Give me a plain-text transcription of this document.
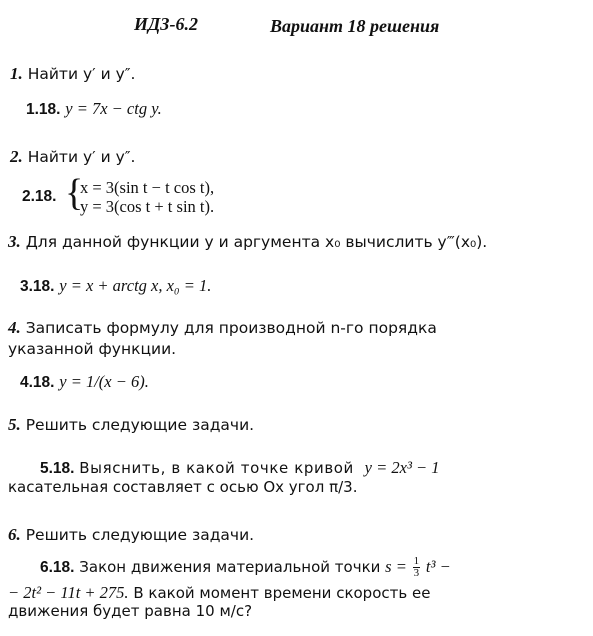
ИДЗ-6.2	Вариант 18 решения
1. Найти y′ и y″.
1.18. y = 7x − ctg y.
2. Найти y′ и y″.
2.18. {
x = 3(sin t − t cos t),
y = 3(cos t + t sin t).
3. Для данной функции y и аргумента x₀ вычислить y‴(x₀).
3.18. y = x + arctg x, x₀ = 1.
4. Записать формулу для производной n-го порядка
указанной функции.
4.18. y = 1/(x − 6).
5. Решить следующие задачи.
5.18. Выяснить, в какой точке кривой y = 2x³ − 1
касательная составляет с осью Ox угол π/3.
6. Решить следующие задачи.
6.18. Закон движения материальной точки $s = \frac{1}{3} t^3$ −
− 2t² − 11t + 275. В какой момент времени скорость ее
движения будет равна 10 м/с?
